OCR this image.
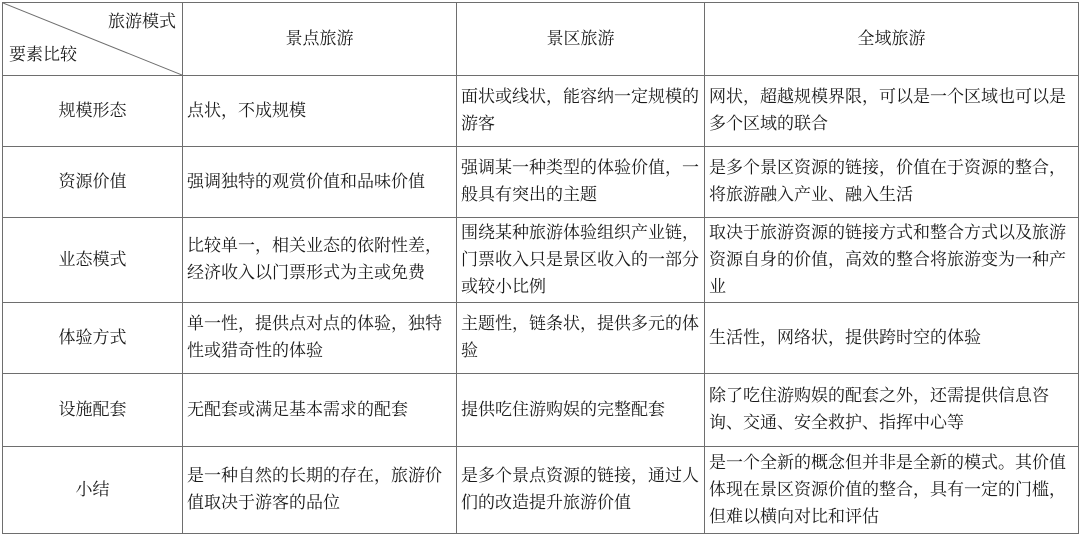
旅游模式
要素比较	景点旅游	景区旅游	全域旅游
规模形态	点状，不成规模	面状或线状，能容纳一定规模的游客	网状，超越规模界限，可以是一个区域也可以是多个区域的联合
资源价值	强调独特的观赏价值和品味价值	强调某一种类型的体验价值，一般具有突出的主题	是多个景区资源的链接，价值在于资源的整合，将旅游融入产业、融入生活
业态模式	比较单一，相关业态的依附性差，经济收入以门票形式为主或免费	围绕某种旅游体验组织产业链，门票收入只是景区收入的一部分或较小比例	取决于旅游资源的链接方式和整合方式以及旅游资源自身的价值，高效的整合将旅游变为一种产业
体验方式	单一性，提供点对点的体验，独特性或猎奇性的体验	主题性，链条状，提供多元的体验	生活性，网络状，提供跨时空的体验
设施配套	无配套或满足基本需求的配套	提供吃住游购娱的完整配套	除了吃住游购娱的配套之外，还需提供信息咨询、交通、安全救护、指挥中心等
小结	是一种自然的长期的存在，旅游价值取决于游客的品位	是多个景点资源的链接，通过人们的改造提升旅游价值	是一个全新的概念但并非是全新的模式。其价值体现在景区资源价值的整合，具有一定的门槛，但难以横向对比和评估
